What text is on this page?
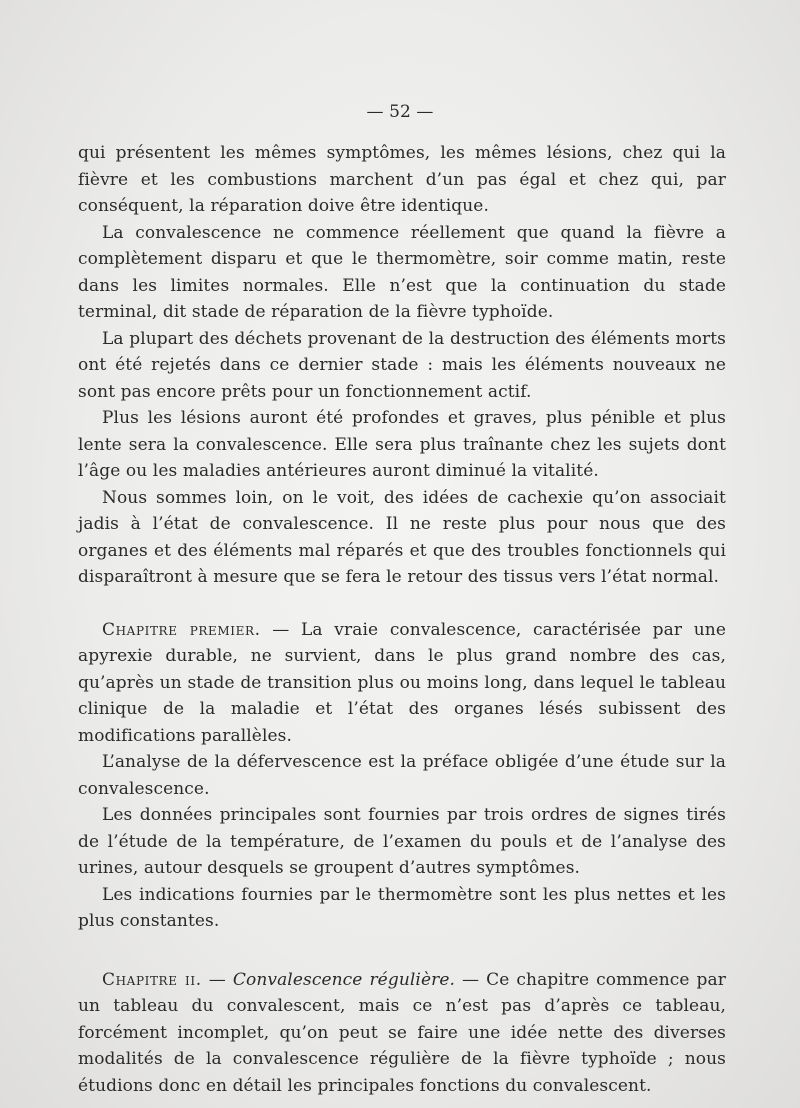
— 52 —

qui présentent les mêmes symptômes, les mêmes lésions, chez qui la fièvre et les combustions marchent d’un pas égal et chez qui, par conséquent, la réparation doive être identique.

La convalescence ne commence réellement que quand la fièvre a complètement disparu et que le thermomètre, soir comme matin, reste dans les limites normales. Elle n’est que la continuation du stade terminal, dit stade de réparation de la fièvre typhoïde.

La plupart des déchets provenant de la destruction des éléments morts ont été rejetés dans ce dernier stade : mais les éléments nouveaux ne sont pas encore prêts pour un fonctionnement actif.

Plus les lésions auront été profondes et graves, plus pénible et plus lente sera la convalescence. Elle sera plus traînante chez les sujets dont l’âge ou les maladies antérieures auront diminué la vitalité.

Nous sommes loin, on le voit, des idées de cachexie qu’on associait jadis à l’état de convalescence. Il ne reste plus pour nous que des organes et des éléments mal réparés et que des troubles fonctionnels qui disparaîtront à mesure que se fera le retour des tissus vers l’état normal.

Chapitre premier. — La vraie convalescence, caractérisée par une apyrexie durable, ne survient, dans le plus grand nombre des cas, qu’après un stade de transition plus ou moins long, dans lequel le tableau clinique de la maladie et l’état des organes lésés subissent des modifications parallèles.

L’analyse de la défervescence est la préface obligée d’une étude sur la convalescence.

Les données principales sont fournies par trois ordres de signes tirés de l’étude de la température, de l’examen du pouls et de l’analyse des urines, autour desquels se groupent d’autres symptômes.

Les indications fournies par le thermomètre sont les plus nettes et les plus constantes.

Chapitre ii. — Convalescence régulière. — Ce chapitre commence par un tableau du convalescent, mais ce n’est pas d’après ce tableau, forcément incomplet, qu’on peut se faire une idée nette des diverses modalités de la convalescence régulière de la fièvre typhoïde ; nous étudions donc en détail les principales fonctions du convalescent.
